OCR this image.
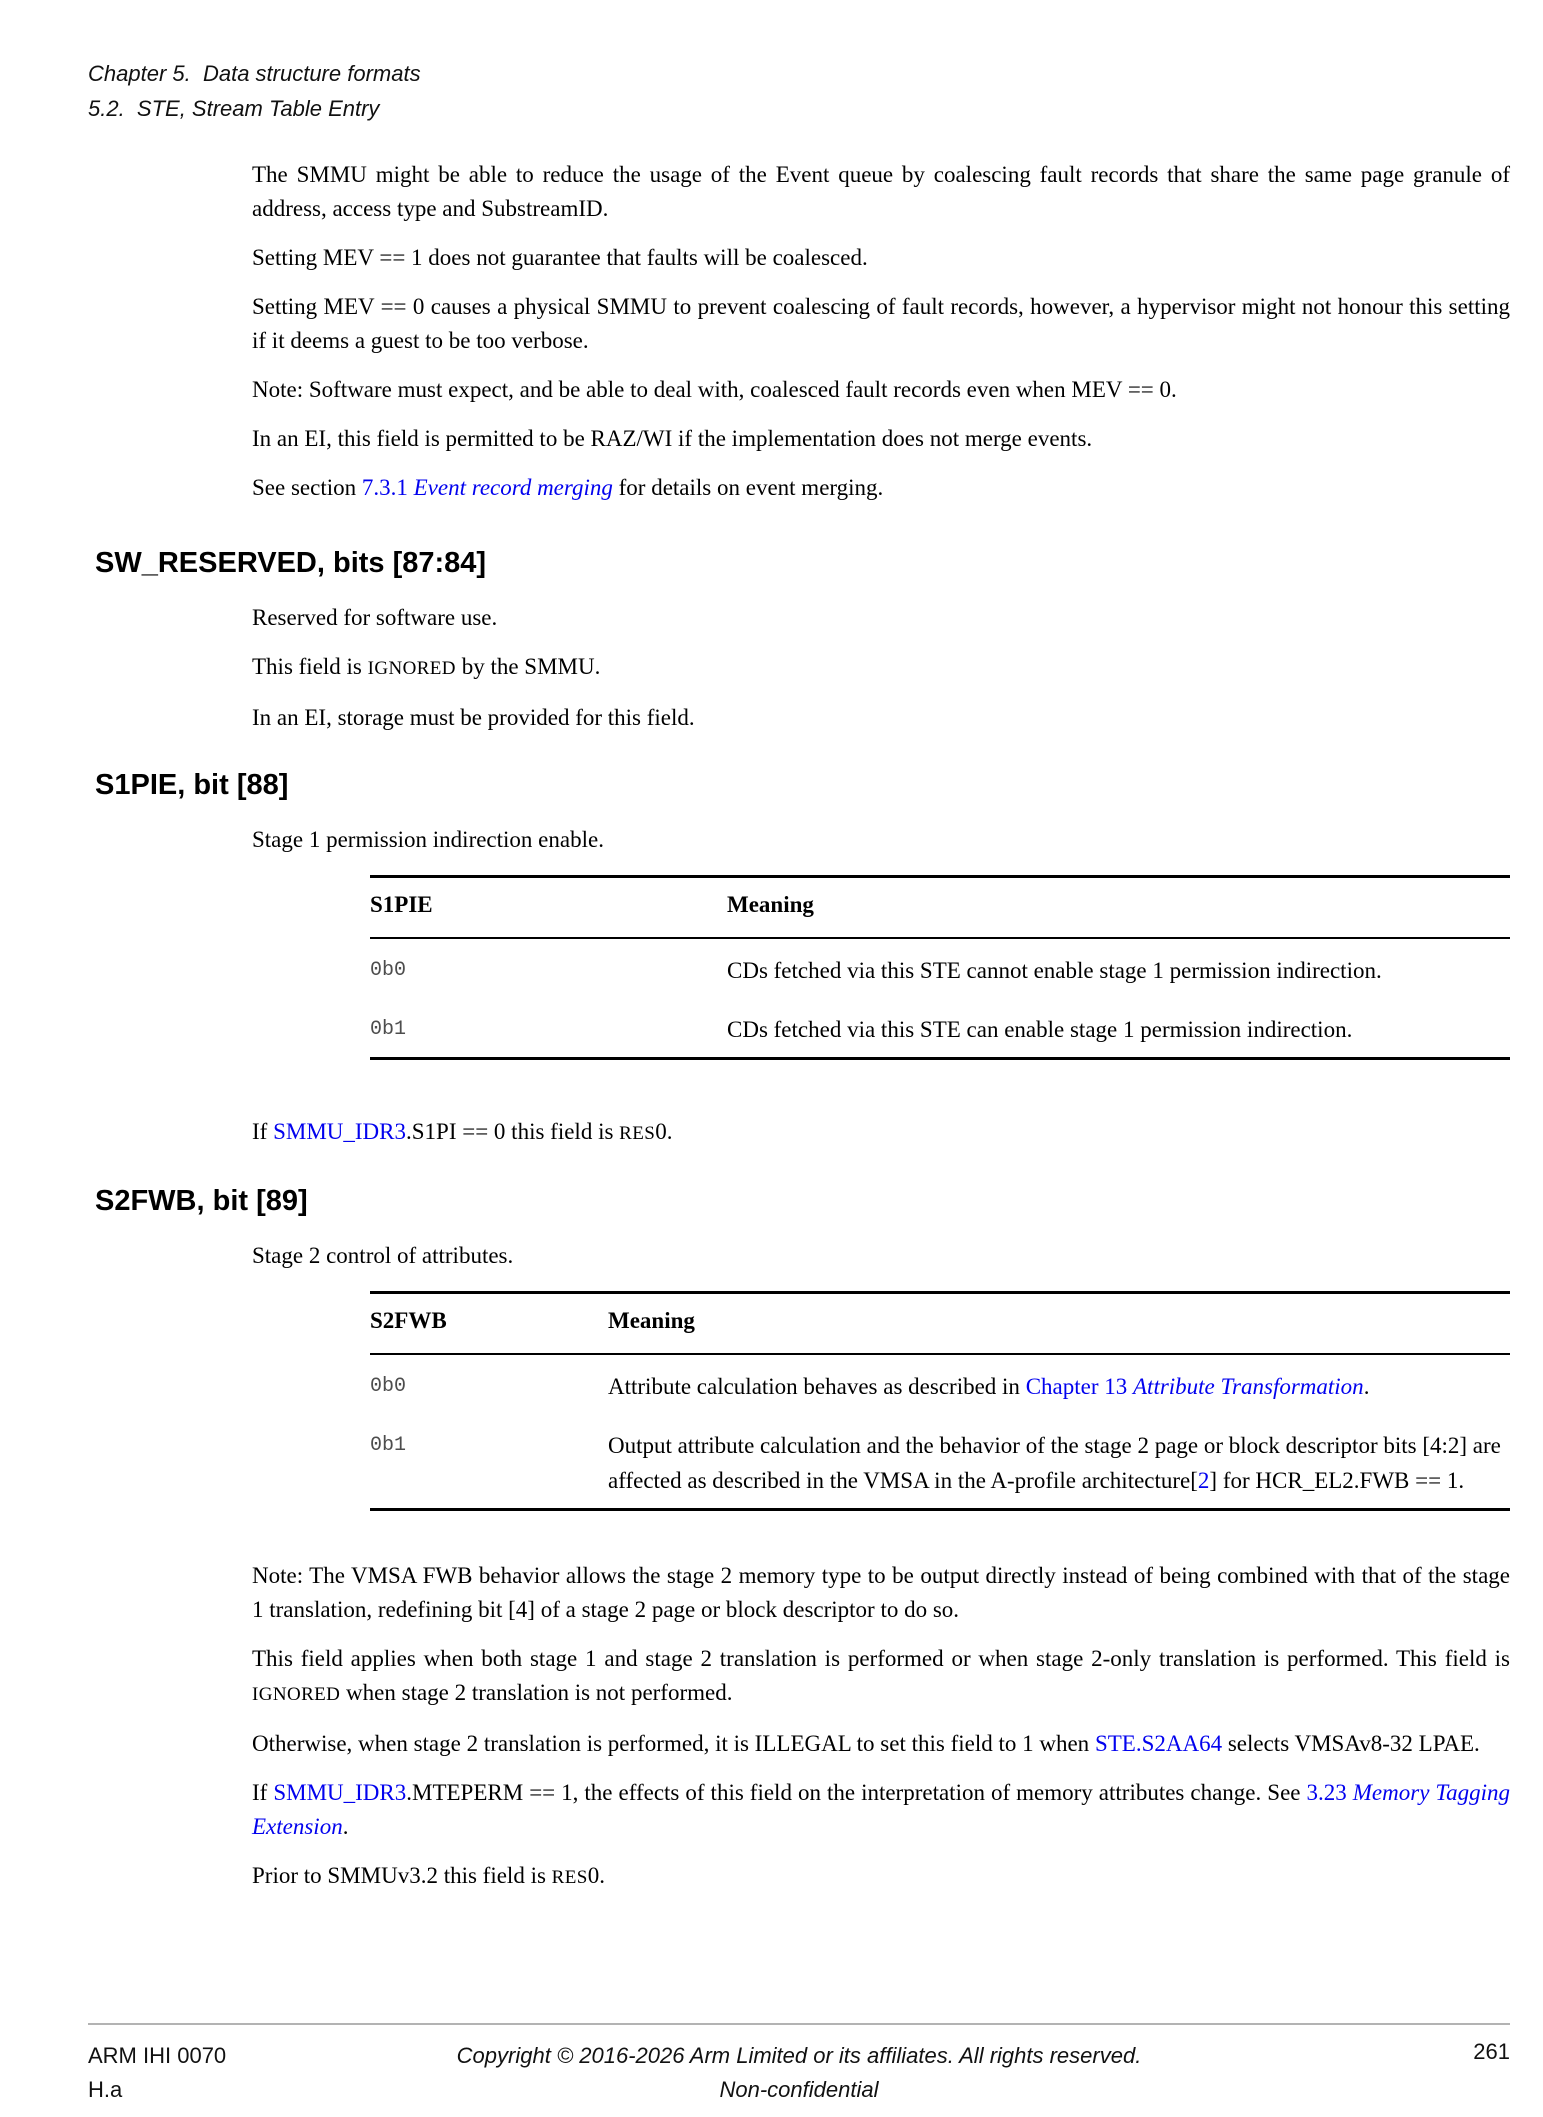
Chapter 5.  Data structure formats
5.2.  STE, Stream Table Entry

The SMMU might be able to reduce the usage of the Event queue by coalescing fault records that share the same page granule of address, access type and SubstreamID.

Setting MEV == 1 does not guarantee that faults will be coalesced.

Setting MEV == 0 causes a physical SMMU to prevent coalescing of fault records, however, a hypervisor might not honour this setting if it deems a guest to be too verbose.

Note: Software must expect, and be able to deal with, coalesced fault records even when MEV == 0.

In an EI, this field is permitted to be RAZ/WI if the implementation does not merge events.

See section 7.3.1 Event record merging for details on event merging.

SW_RESERVED, bits [87:84]

Reserved for software use.

This field is IGNORED by the SMMU.

In an EI, storage must be provided for this field.

S1PIE, bit [88]

Stage 1 permission indirection enable.

S1PIE	Meaning
0b0	CDs fetched via this STE cannot enable stage 1 permission indirection.
0b1	CDs fetched via this STE can enable stage 1 permission indirection.

If SMMU_IDR3.S1PI == 0 this field is RES0.

S2FWB, bit [89]

Stage 2 control of attributes.

S2FWB	Meaning
0b0	Attribute calculation behaves as described in Chapter 13 Attribute Transformation.
0b1	Output attribute calculation and the behavior of the stage 2 page or block descriptor bits [4:2] are affected as described in the VMSA in the A-profile architecture[2] for HCR_EL2.FWB == 1.

Note: The VMSA FWB behavior allows the stage 2 memory type to be output directly instead of being combined with that of the stage 1 translation, redefining bit [4] of a stage 2 page or block descriptor to do so.

This field applies when both stage 1 and stage 2 translation is performed or when stage 2-only translation is performed. This field is IGNORED when stage 2 translation is not performed.

Otherwise, when stage 2 translation is performed, it is ILLEGAL to set this field to 1 when STE.S2AA64 selects VMSAv8-32 LPAE.

If SMMU_IDR3.MTEPERM == 1, the effects of this field on the interpretation of memory attributes change. See 3.23 Memory Tagging Extension.

Prior to SMMUv3.2 this field is RES0.

ARM IHI 0070
H.a
Copyright © 2016-2026 Arm Limited or its affiliates. All rights reserved.
Non-confidential
261
